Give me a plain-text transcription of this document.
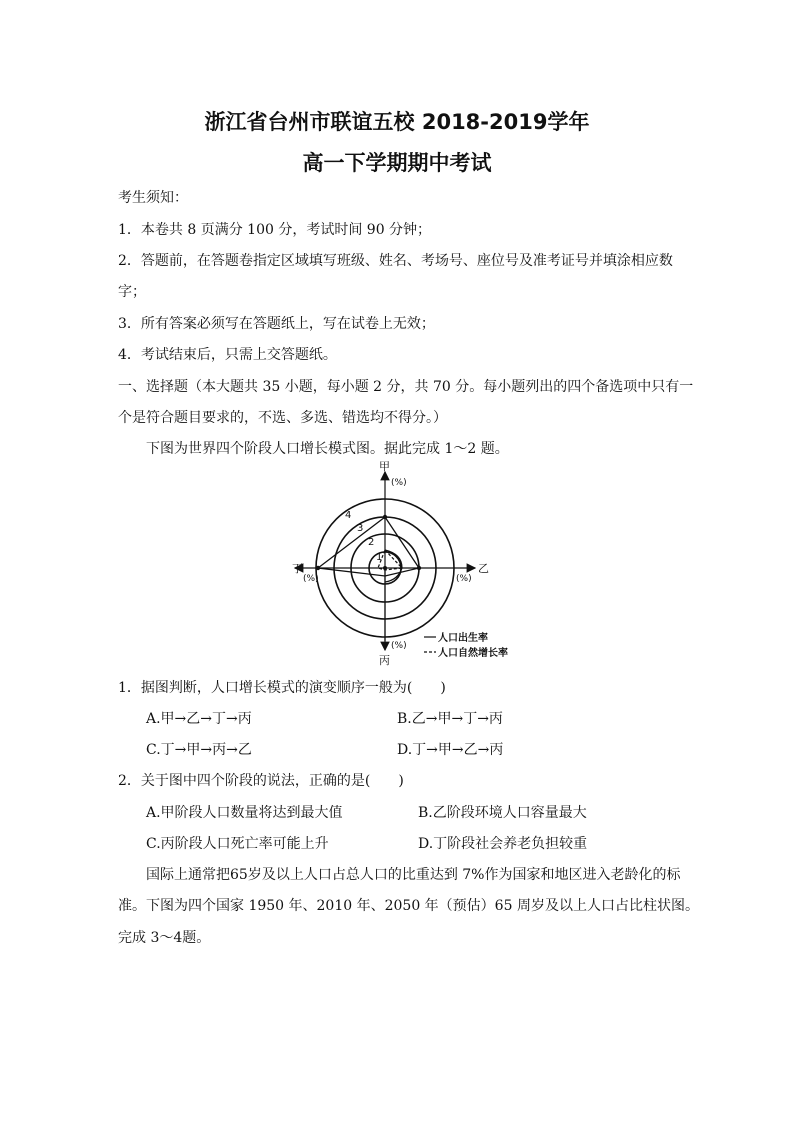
浙江省台州市联谊五校 2018-2019学年
高一下学期期中考试
考生须知：
1．本卷共 8 页满分 100 分，考试时间 90 分钟；
2．答题前，在答题卷指定区域填写班级、姓名、考场号、座位号及准考证号并填涂相应数
字；
3．所有答案必须写在答题纸上，写在试卷上无效；
4．考试结束后，只需上交答题纸。
一、选择题（本大题共 35 小题，每小题 2 分，共 70 分。每小题列出的四个备选项中只有一
个是符合题目要求的，不选、多选、错选均不得分。）
下图为世界四个阶段人口增长模式图。据此完成 1～2 题。
甲
(%)
乙
(%)
丁
(%)
丙
(%)
1
2
3
4
人口出生率
人口自然增长率
1．据图判断，人口增长模式的演变顺序一般为(　　)
A.甲→乙→丁→丙	B.乙→甲→丁→丙
C.丁→甲→丙→乙	D.丁→甲→乙→丙
2．关于图中四个阶段的说法，正确的是(　　)
A.甲阶段人口数量将达到最大值	B.乙阶段环境人口容量最大
C.丙阶段人口死亡率可能上升	D.丁阶段社会养老负担较重
国际上通常把65岁及以上人口占总人口的比重达到 7%作为国家和地区进入老龄化的标
准。下图为四个国家 1950 年、2010 年、2050 年（预估）65 周岁及以上人口占比柱状图。
完成 3～4题。
